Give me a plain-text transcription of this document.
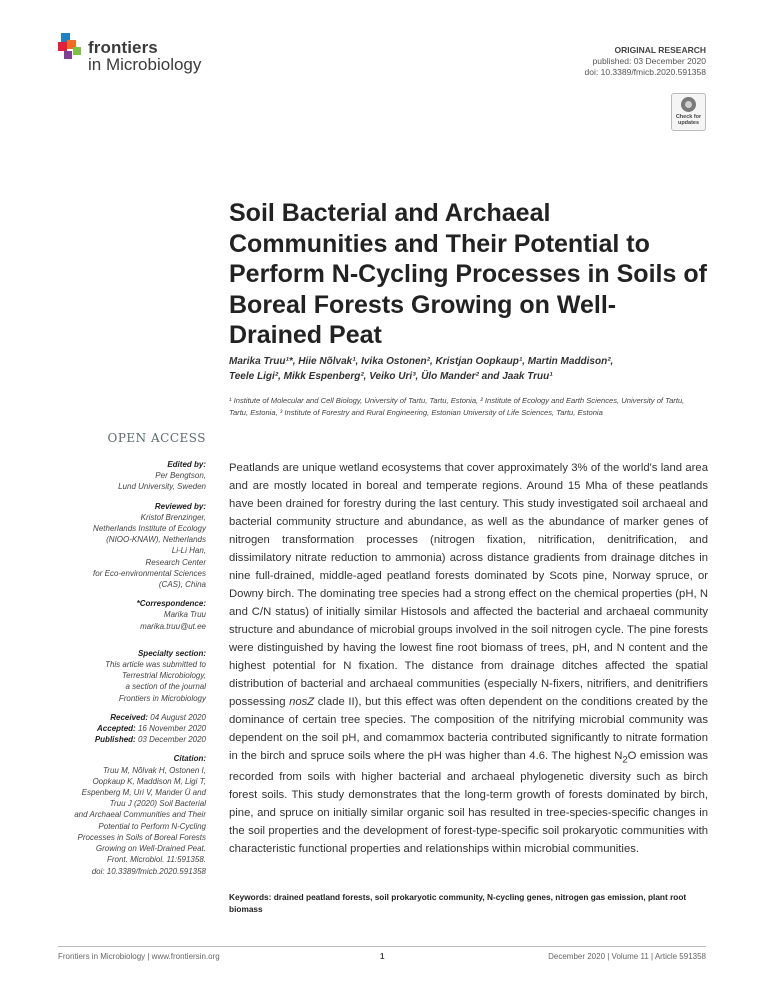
frontiers
in Microbiology
ORIGINAL RESEARCH
published: 03 December 2020
doi: 10.3389/fmicb.2020.591358
Check for updates
Soil Bacterial and Archaeal Communities and Their Potential to Perform N-Cycling Processes in Soils of Boreal Forests Growing on Well-Drained Peat
Marika Truu¹*, Hiie Nõlvak¹, Ivika Ostonen², Kristjan Oopkaup¹, Martin Maddison²,
Teele Ligi², Mikk Espenberg², Veiko Uri³, Ülo Mander² and Jaak Truu¹
¹ Institute of Molecular and Cell Biology, University of Tartu, Tartu, Estonia, ² Institute of Ecology and Earth Sciences, University of Tartu, Tartu, Estonia, ³ Institute of Forestry and Rural Engineering, Estonian University of Life Sciences, Tartu, Estonia
OPEN ACCESS
Edited by:
Per Bengtson,
Lund University, Sweden
Reviewed by:
Kristof Brenzinger,
Netherlands Institute of Ecology
(NIOO-KNAW), Netherlands
Li-Li Han,
Research Center
for Eco-environmental Sciences
(CAS), China
*Correspondence:
Marika Truu
marika.truu@ut.ee
Specialty section:
This article was submitted to
Terrestrial Microbiology,
a section of the journal
Frontiers in Microbiology
Received: 04 August 2020
Accepted: 16 November 2020
Published: 03 December 2020
Citation:
Truu M, Nõlvak H, Ostonen I,
Oopkaup K, Maddison M, Ligi T,
Espenberg M, Uri V, Mander Ü and
Truu J (2020) Soil Bacterial
and Archaeal Communities and Their
Potential to Perform N-Cycling
Processes in Soils of Boreal Forests
Growing on Well-Drained Peat.
Front. Microbiol. 11:591358.
doi: 10.3389/fmicb.2020.591358

Peatlands are unique wetland ecosystems that cover approximately 3% of the world's land area and are mostly located in boreal and temperate regions. Around 15 Mha of these peatlands have been drained for forestry during the last century. This study investigated soil archaeal and bacterial community structure and abundance, as well as the abundance of marker genes of nitrogen transformation processes (nitrogen fixation, nitrification, denitrification, and dissimilatory nitrate reduction to ammonia) across distance gradients from drainage ditches in nine full-drained, middle-aged peatland forests dominated by Scots pine, Norway spruce, or Downy birch. The dominating tree species had a strong effect on the chemical properties (pH, N and C/N status) of initially similar Histosols and affected the bacterial and archaeal community structure and abundance of microbial groups involved in the soil nitrogen cycle. The pine forests were distinguished by having the lowest fine root biomass of trees, pH, and N content and the highest potential for N fixation. The distance from drainage ditches affected the spatial distribution of bacterial and archaeal communities (especially N-fixers, nitrifiers, and denitrifiers possessing nosZ clade II), but this effect was often dependent on the conditions created by the dominance of certain tree species. The composition of the nitrifying microbial community was dependent on the soil pH, and comammox bacteria contributed significantly to nitrate formation in the birch and spruce soils where the pH was higher than 4.6. The highest $N_2O$ emission was recorded from soils with higher bacterial and archaeal phylogenetic diversity such as birch forest soils. This study demonstrates that the long-term growth of forests dominated by birch, pine, and spruce on initially similar organic soil has resulted in tree-species-specific changes in the soil properties and the development of forest-type-specific soil prokaryotic communities with characteristic functional properties and relationships within microbial communities.

Keywords: drained peatland forests, soil prokaryotic community, N-cycling genes, nitrogen gas emission, plant root biomass
Frontiers in Microbiology | www.frontiersin.org	1	December 2020 | Volume 11 | Article 591358
